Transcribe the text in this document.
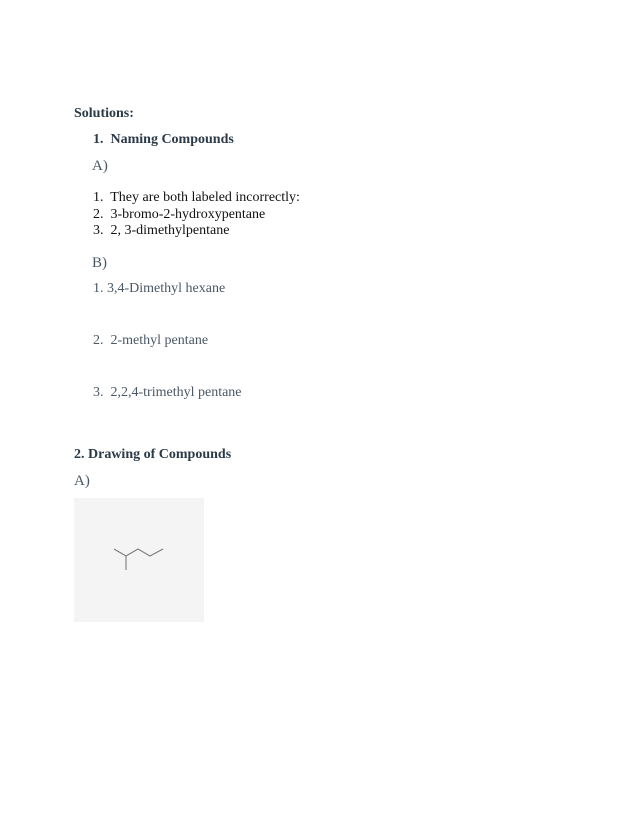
Solutions:
1. Naming Compounds
A)
1. They are both labeled incorrectly:
2. 3-bromo-2-hydroxypentane
3. 2, 3-dimethylpentane
B)
1. 3,4-Dimethyl hexane
2. 2-methyl pentane
3. 2,2,4-trimethyl pentane
2. Drawing of Compounds
A)
